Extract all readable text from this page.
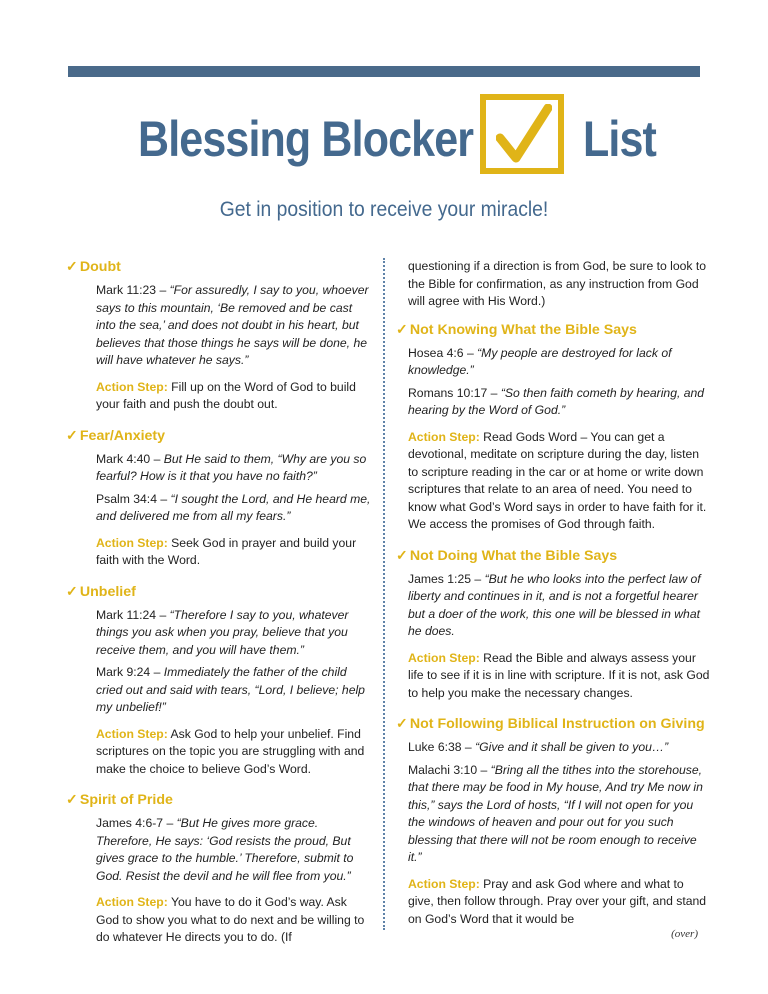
Blessing Blocker List
Get in position to receive your miracle!
✓ Doubt

Mark 11:23 – “For assuredly, I say to you, whoever says to this mountain, ‘Be removed and be cast into the sea,’ and does not doubt in his heart, but believes that those things he says will be done, he will have whatever he says.”

Action Step: Fill up on the Word of God to build your faith and push the doubt out.

✓ Fear/Anxiety

Mark 4:40 – But He said to them, “Why are you so fearful? How is it that you have no faith?”

Psalm 34:4 – “I sought the Lord, and He heard me, and delivered me from all my fears.”

Action Step: Seek God in prayer and build your faith with the Word.

✓ Unbelief

Mark 11:24 – “Therefore I say to you, whatever things you ask when you pray, believe that you receive them, and you will have them.”

Mark 9:24 – Immediately the father of the child cried out and said with tears, “Lord, I believe; help my unbelief!”

Action Step: Ask God to help your unbelief. Find scriptures on the topic you are struggling with and make the choice to believe God’s Word.

✓ Spirit of Pride

James 4:6-7 – “But He gives more grace. Therefore, He says: ‘God resists the proud, But gives grace to the humble.’ Therefore, submit to God. Resist the devil and he will flee from you.”

Action Step: You have to do it God’s way. Ask God to show you what to do next and be willing to do whatever He directs you to do. (If

questioning if a direction is from God, be sure to look to the Bible for confirmation, as any instruction from God will agree with His Word.)

✓ Not Knowing What the Bible Says

Hosea 4:6 – “My people are destroyed for lack of knowledge.”

Romans 10:17 – “So then faith cometh by hearing, and hearing by the Word of God.”

Action Step: Read Gods Word – You can get a devotional, meditate on scripture during the day, listen to scripture reading in the car or at home or write down scriptures that relate to an area of need. You need to know what God’s Word says in order to have faith for it. We access the promises of God through faith.

✓ Not Doing What the Bible Says

James 1:25 – “But he who looks into the perfect law of liberty and continues in it, and is not a forgetful hearer but a doer of the work, this one will be blessed in what he does.

Action Step: Read the Bible and always assess your life to see if it is in line with scripture. If it is not, ask God to help you make the necessary changes.

✓ Not Following Biblical Instruction on Giving

Luke 6:38 – “Give and it shall be given to you…”

Malachi 3:10 – “Bring all the tithes into the storehouse, that there may be food in My house, And try Me now in this,” says the Lord of hosts, “If I will not open for you the windows of heaven and pour out for you such blessing that there will not be room enough to receive it.”

Action Step: Pray and ask God where and what to give, then follow through. Pray over your gift, and stand on God’s Word that it would be

(over)
